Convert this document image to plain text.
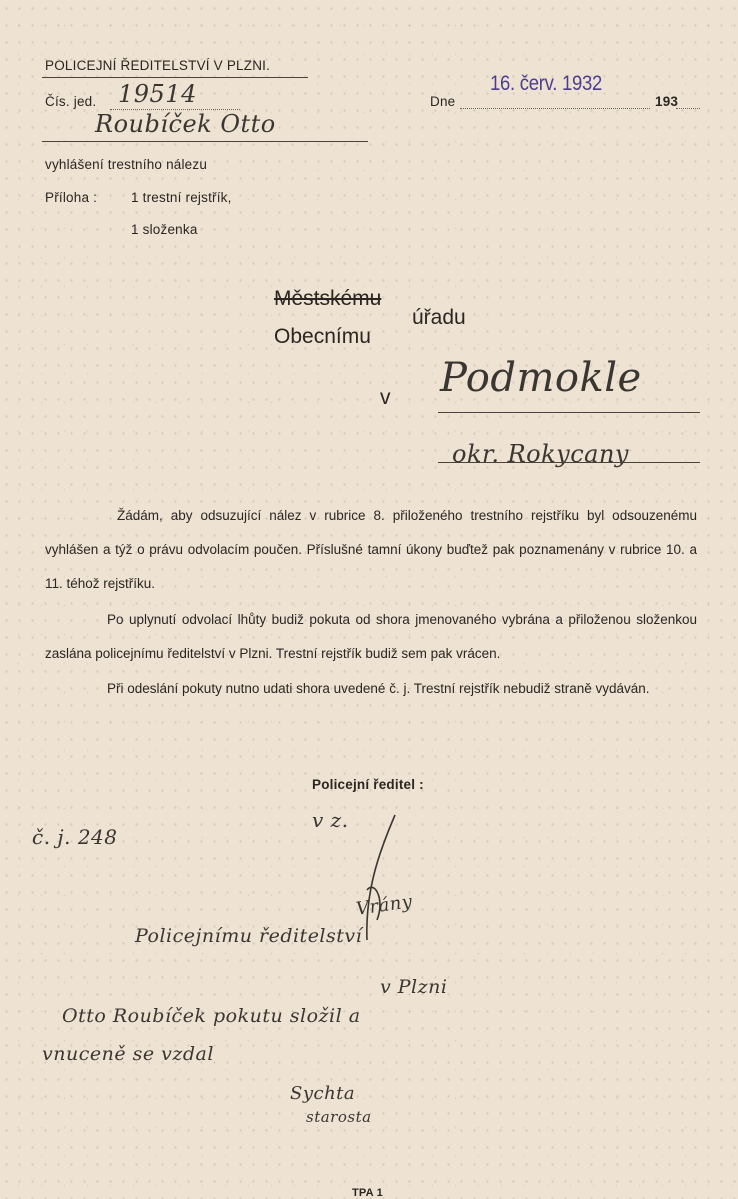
POLICEJNÍ ŘEDITELSTVÍ V PLZNI.
Čís. jed. 19514
Roubíček Otto
Dne
16. červ. 1932
193
vyhlášení trestního nálezu
Příloha :	1 trestní rejstřík,
1 složenka
Městskému
Obecnímu
úřadu
v Podmokle
okr. Rokycany
Žádám, aby odsuzující nález v rubrice 8. přiloženého trestního rejstříku byl odsouzenému vyhlášen a týž o právu odvolacím poučen. Příslušné tamní úkony buďtež pak poznamenány v rubrice 10. a 11. téhož rejstříku.
Po uplynutí odvolací lhůty budiž pokuta od shora jmenovaného vybrána a přiloženou složenkou zaslána policejnímu ředitelství v Plzni. Trestní rejstřík budiž sem pak vrácen.
Při odeslání pokuty nutno udati shora uvedené č. j. Trestní rejstřík nebudiž straně vydáván.
Policejní ředitel :
v z.
Vrány
č. j. 248
Policejnímu ředitelství
v Plzni
Otto Roubíček pokutu složil a
vnuceně se vzdal
Sychta
starosta
TPA 1
